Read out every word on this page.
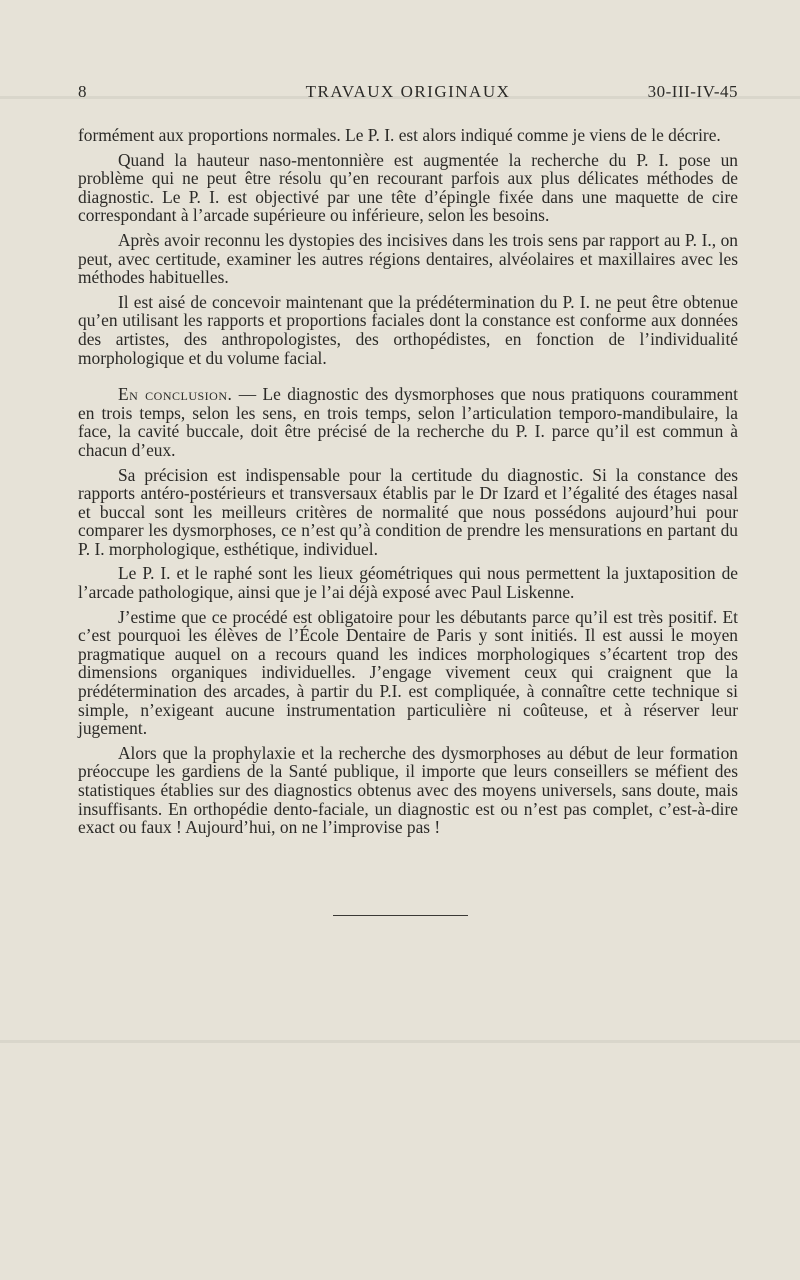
8	TRAVAUX ORIGINAUX	30-III-IV-45

formément aux proportions normales. Le P. I. est alors indiqué comme je viens de le décrire.

Quand la hauteur naso-mentonnière est augmentée la recherche du P. I. pose un problème qui ne peut être résolu qu’en recourant parfois aux plus délicates méthodes de diagnostic. Le P. I. est objectivé par une tête d’épingle fixée dans une maquette de cire correspondant à l’arcade supérieure ou inférieure, selon les besoins.

Après avoir reconnu les dystopies des incisives dans les trois sens par rapport au P. I., on peut, avec certitude, examiner les autres régions dentaires, alvéolaires et maxillaires avec les méthodes habituelles.

Il est aisé de concevoir maintenant que la prédétermination du P. I. ne peut être obtenue qu’en utilisant les rapports et proportions faciales dont la constance est conforme aux données des artistes, des anthropologistes, des orthopédistes, en fonction de l’individualité morphologique et du volume facial.

En conclusion. — Le diagnostic des dysmorphoses que nous pratiquons couramment en trois temps, selon les sens, en trois temps, selon l’articulation temporo-mandibulaire, la face, la cavité buccale, doit être précisé de la recherche du P. I. parce qu’il est commun à chacun d’eux.

Sa précision est indispensable pour la certitude du diagnostic. Si la constance des rapports antéro-postérieurs et transversaux établis par le Dr Izard et l’égalité des étages nasal et buccal sont les meilleurs critères de normalité que nous possédons aujourd’hui pour comparer les dysmorphoses, ce n’est qu’à condition de prendre les mensurations en partant du P. I. morphologique, esthétique, individuel.

Le P. I. et le raphé sont les lieux géométriques qui nous permettent la juxtaposition de l’arcade pathologique, ainsi que je l’ai déjà exposé avec Paul Liskenne.

J’estime que ce procédé est obligatoire pour les débutants parce qu’il est très positif. Et c’est pourquoi les élèves de l’École Dentaire de Paris y sont initiés. Il est aussi le moyen pragmatique auquel on a recours quand les indices morphologiques s’écartent trop des dimensions organiques individuelles. J’engage vivement ceux qui craignent que la prédétermination des arcades, à partir du P.I. est compliquée, à connaître cette technique si simple, n’exigeant aucune instrumentation particulière ni coûteuse, et à réserver leur jugement.

Alors que la prophylaxie et la recherche des dysmorphoses au début de leur formation préoccupe les gardiens de la Santé publique, il importe que leurs conseillers se méfient des statistiques établies sur des diagnostics obtenus avec des moyens universels, sans doute, mais insuffisants. En orthopédie dento-faciale, un diagnostic est ou n’est pas complet, c’est-à-dire exact ou faux ! Aujourd’hui, on ne l’improvise pas !
